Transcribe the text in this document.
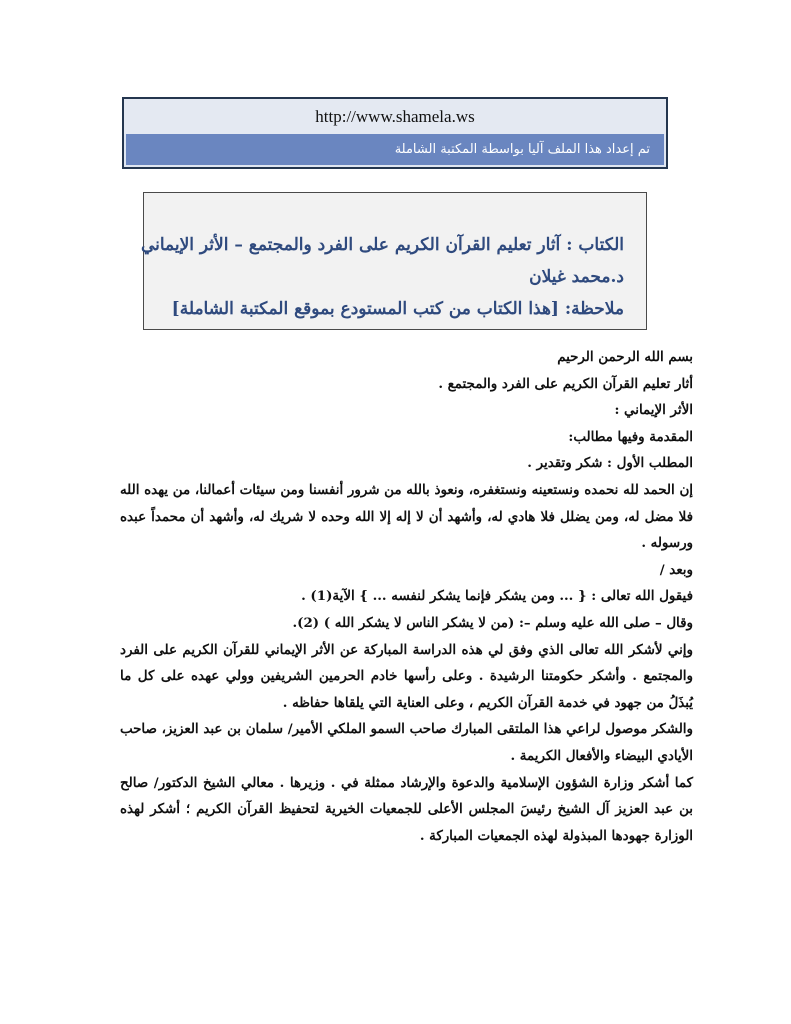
http://www.shamela.ws
تم إعداد هذا الملف آليا بواسطة المكتبة الشاملة
الكتاب : آثار تعليم القرآن الكريم على الفرد والمجتمع – الأثر الإيماني
د.محمد غيلان
ملاحظة: [هذا الكتاب من كتب المستودع بموقع المكتبة الشاملة]

بسم الله الرحمن الرحيم

أثار تعليم القرآن الكريم على الفرد والمجتمع .

الأثر الإيماني :

المقدمة وفيها مطالب:

المطلب الأول : شكر وتقدير .

إن الحمد لله نحمده ونستعينه ونستغفره، ونعوذ بالله من شرور أنفسنا ومن سيئات أعمالنا، من يهده الله فلا مضل له، ومن يضلل فلا هادي له، وأشهد أن لا إله إلا الله وحده لا شريك له، وأشهد أن محمداً عبده ورسوله .

وبعد /

فيقول الله تعالى : { ... ومن يشكر فإنما يشكر لنفسه ... } الآية(1) .

وقال – صلى الله عليه وسلم –: (من لا يشكر الناس لا يشكر الله ) (2).

وإني لأشكر الله تعالى الذي وفق لي هذه الدراسة المباركة عن الأثر الإيماني للقرآن الكريم على الفرد والمجتمع . وأشكر حكومتنا الرشيدة . وعلى رأسها خادم الحرمين الشريفين وولي عهده على كل ما يُبذَلُ من جهود في خدمة القرآن الكريم ، وعلى العناية التي يلقاها حفاظه .

والشكر موصول لراعي هذا الملتقى المبارك صاحب السمو الملكي الأمير/ سلمان بن عبد العزيز، صاحب الأيادي البيضاء والأفعال الكريمة .

كما أشكر وزارة الشؤون الإسلامية والدعوة والإرشاد ممثلة في . وزيرها . معالي الشيخ الدكتور/ صالح بن عبد العزيز آل الشيخ رئيسَ المجلس الأعلى للجمعيات الخيرية لتحفيظ القرآن الكريم ؛ أشكر لهذه الوزارة جهودها المبذولة لهذه الجمعيات المباركة .
